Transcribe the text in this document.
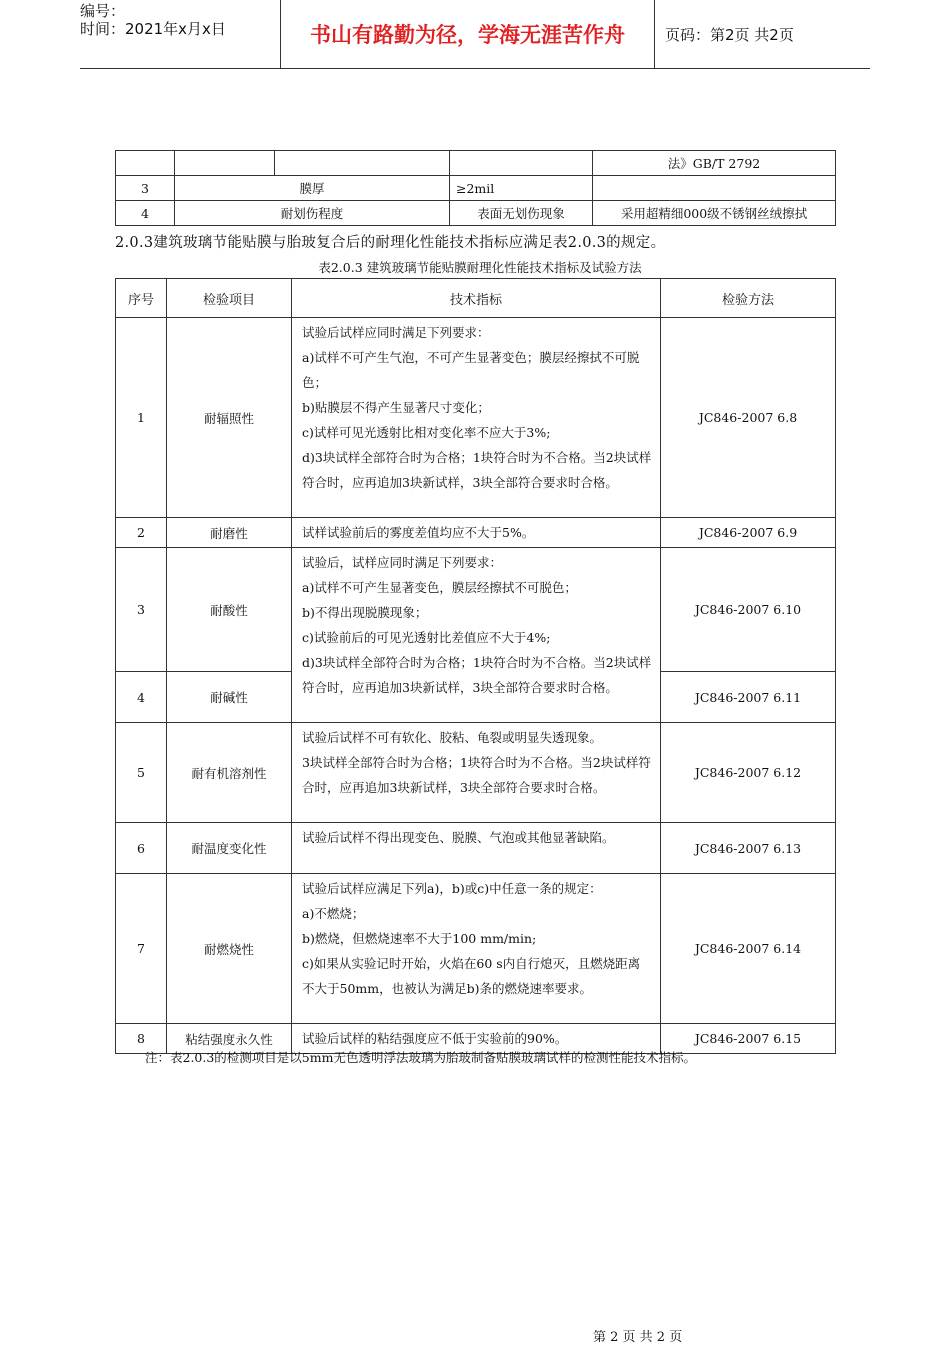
编号：
时间：2021年x月x日	书山有路勤为径，学海无涯苦作舟	页码：第2页 共2页
				法》GB/T 2792
3	膜厚		≥2mil	
4	耐划伤程度		表面无划伤现象	采用超精细000级不锈钢丝绒擦拭
2.0.3建筑玻璃节能贴膜与胎玻复合后的耐理化性能技术指标应满足表2.0.3的规定。
表2.0.3 建筑玻璃节能贴膜耐理化性能技术指标及试验方法
序号	检验项目	技术指标	检验方法
1	耐辐照性	试验后试样应同时满足下列要求：
a)试样不可产生气泡，不可产生显著变色；膜层经擦拭不可脱色；
b)贴膜层不得产生显著尺寸变化；
c)试样可见光透射比相对变化率不应大于3%;
d)3块试样全部符合时为合格；1块符合时为不合格。当2块试样符合时，应再追加3块新试样，3块全部符合要求时合格。	JC846-2007 6.8
2	耐磨性	试样试验前后的雾度差值均应不大于5%。	JC846-2007 6.9
3	耐酸性	试验后，试样应同时满足下列要求：
a)试样不可产生显著变色，膜层经擦拭不可脱色；
b)不得出现脱膜现象；
c)试验前后的可见光透射比差值应不大于4%;
d)3块试样全部符合时为合格；1块符合时为不合格。当2块试样符合时，应再追加3块新试样，3块全部符合要求时合格。	JC846-2007 6.10
4	耐碱性		JC846-2007 6.11
5	耐有机溶剂性	试验后试样不可有软化、胶粘、龟裂或明显失透现象。
3块试样全部符合时为合格；1块符合时为不合格。当2块试样符合时，应再追加3块新试样，3块全部符合要求时合格。	JC846-2007 6.12
6	耐温度变化性	试验后试样不得出现变色、脱膜、气泡或其他显著缺陷。	JC846-2007 6.13
7	耐燃烧性	试验后试样应满足下列a)，b)或c)中任意一条的规定：
a)不燃烧；
b)燃烧，但燃烧速率不大于100 mm/min;
c)如果从实验记时开始，火焰在60 s内自行熄灭，且燃烧距离不大于50mm，也被认为满足b)条的燃烧速率要求。	JC846-2007 6.14
8	粘结强度永久性	试验后试样的粘结强度应不低于实验前的90%。	JC846-2007 6.15
注：表2.0.3的检测项目是以5mm无色透明浮法玻璃为胎玻制备贴膜玻璃试样的检测性能技术指标。
第 2 页 共 2 页
